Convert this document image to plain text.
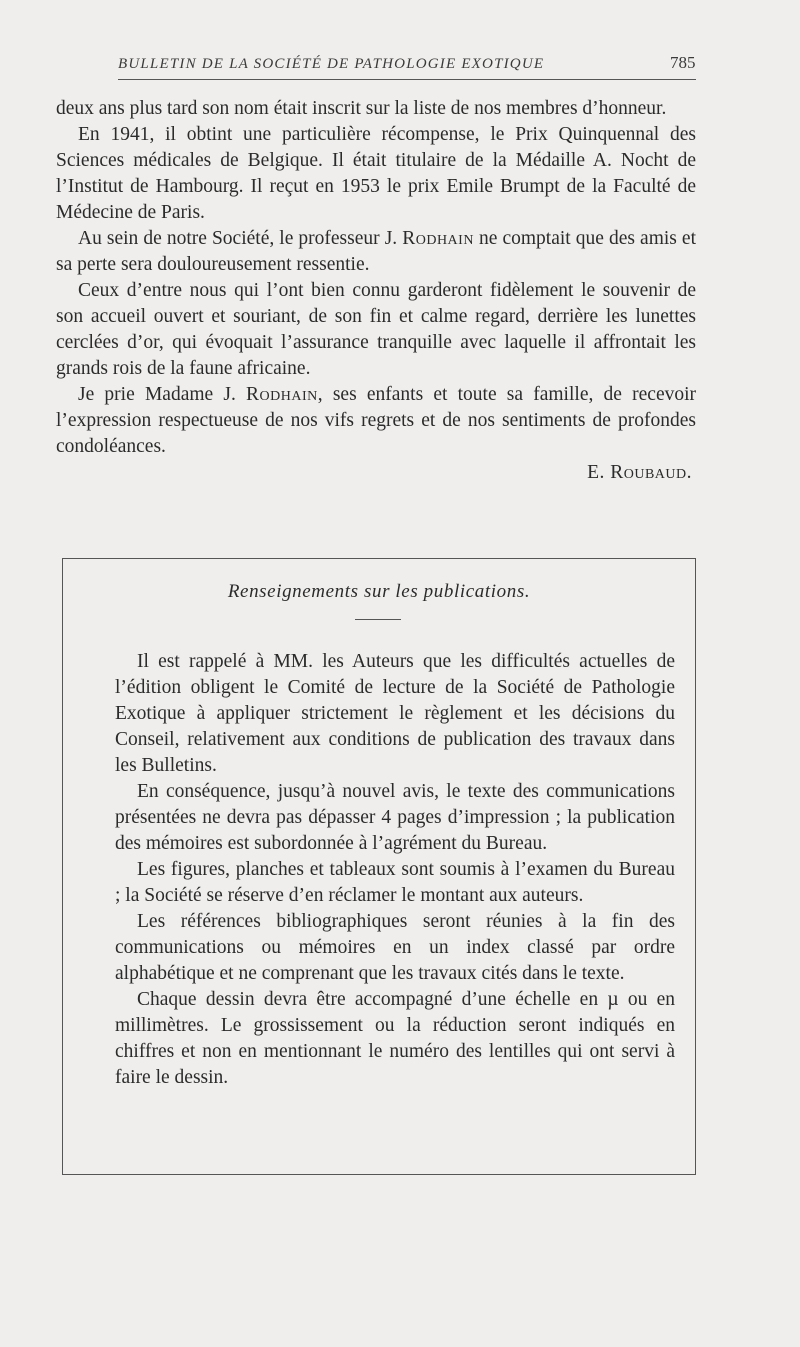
BULLETIN DE LA SOCIÉTÉ DE PATHOLOGIE EXOTIQUE	785

deux ans plus tard son nom était inscrit sur la liste de nos membres d’honneur.

En 1941, il obtint une particulière récompense, le Prix Quinquennal des Sciences médicales de Belgique. Il était titulaire de la Médaille A. Nocht de l’Institut de Hambourg. Il reçut en 1953 le prix Emile Brumpt de la Faculté de Médecine de Paris.

Au sein de notre Société, le professeur J. Rodhain ne comptait que des amis et sa perte sera douloureusement ressentie.

Ceux d’entre nous qui l’ont bien connu garderont fidèlement le souvenir de son accueil ouvert et souriant, de son fin et calme regard, derrière les lunettes cerclées d’or, qui évoquait l’assurance tranquille avec laquelle il affrontait les grands rois de la faune africaine.

Je prie Madame J. Rodhain, ses enfants et toute sa famille, de recevoir l’expression respectueuse de nos vifs regrets et de nos sentiments de profondes condoléances.

E. Roubaud.

Renseignements sur les publications.

Il est rappelé à MM. les Auteurs que les difficultés actuelles de l’édition obligent le Comité de lecture de la Société de Pathologie Exotique à appliquer strictement le règlement et les décisions du Conseil, relativement aux conditions de publication des travaux dans les Bulletins.

En conséquence, jusqu’à nouvel avis, le texte des communications présentées ne devra pas dépasser 4 pages d’impression ; la publication des mémoires est subordonnée à l’agrément du Bureau.

Les figures, planches et tableaux sont soumis à l’examen du Bureau ; la Société se réserve d’en réclamer le montant aux auteurs.

Les références bibliographiques seront réunies à la fin des communications ou mémoires en un index classé par ordre alphabétique et ne comprenant que les travaux cités dans le texte.

Chaque dessin devra être accompagné d’une échelle en µ ou en millimètres. Le grossissement ou la réduction seront indiqués en chiffres et non en mentionnant le numéro des lentilles qui ont servi à faire le dessin.
